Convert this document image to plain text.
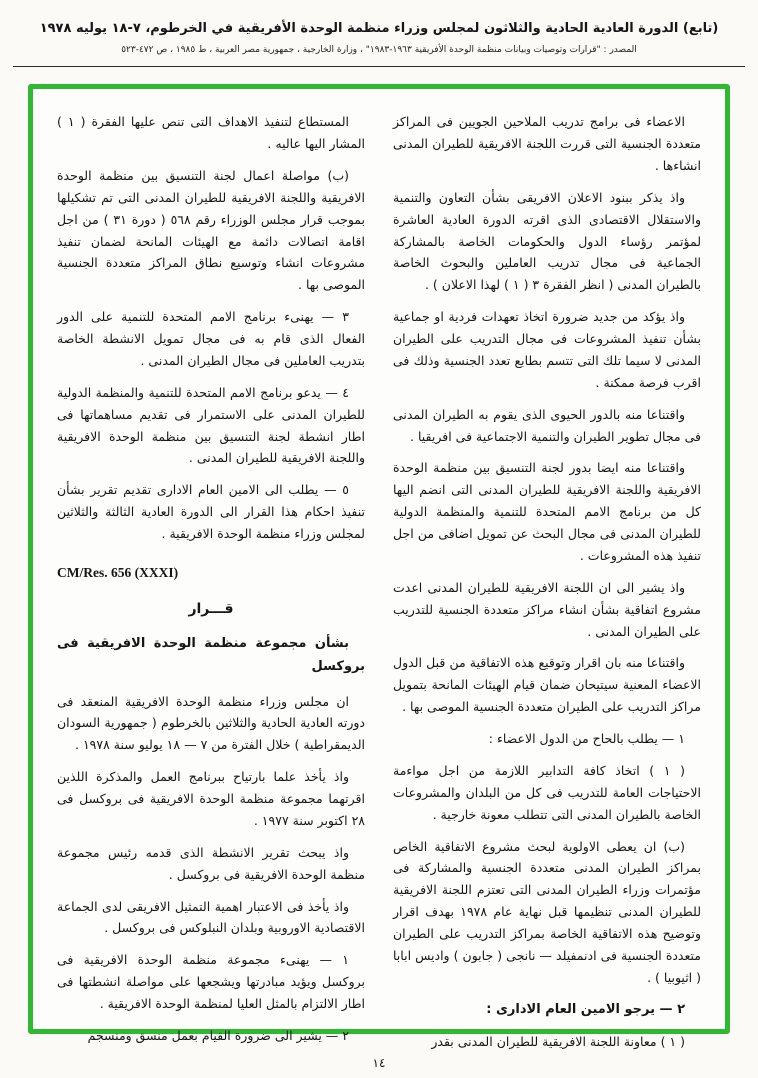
(تابع) الدورة العادية الحادية والثلاثون لمجلس وزراء منظمة الوحدة الأفريقية في الخرطوم، ٧-١٨ يوليه ١٩٧٨
المصدر : "قرارات وتوصيات وبيانات منظمة الوحدة الأفريقية ١٩٦٣-١٩٨٣" ، وزارة الخارجية ، جمهورية مصر العربية ، ط ١٩٨٥ ، ص ٤٧٢-٥٢٣

الاعضاء فى برامج تدريب الملاحين الجويين فى المراكز متعددة الجنسية التى قررت اللجنة الافريقية للطيران المدنى انشاءها .

واذ يذكر ببنود الاعلان الافريقى بشأن التعاون والتنمية والاستقلال الاقتصادى الذى اقرته الدورة العادية العاشرة لمؤتمر رؤساء الدول والحكومات الخاصة بالمشاركة الجماعية فى مجال تدريب العاملين والبحوث الخاصة بالطيران المدنى ( انظر الفقرة ٣ ( ١ ) لهذا الاعلان ) .

واذ يؤكد من جديد ضرورة اتخاذ تعهدات فردية او جماعية بشأن تنفيذ المشروعات فى مجال التدريب على الطيران المدنى لا سيما تلك التى تتسم بطابع تعدد الجنسية وذلك فى اقرب فرصة ممكنة .

واقتناعا منه بالدور الحيوى الذى يقوم به الطيران المدنى فى مجال تطوير الطيران والتنمية الاجتماعية فى افريقيا .

واقتناعا منه ايضا بدور لجنة التنسيق بين منظمة الوحدة الافريقية واللجنة الافريقية للطيران المدنى التى انضم اليها كل من برنامج الامم المتحدة للتنمية والمنظمة الدولية للطيران المدنى فى مجال البحث عن تمويل اضافى من اجل تنفيذ هذه المشروعات .

واذ يشير الى ان اللجنة الافريقية للطيران المدنى اعدت مشروع اتفاقية بشأن انشاء مراكز متعددة الجنسية للتدريب على الطيران المدنى .

واقتناعا منه بان اقرار وتوقيع هذه الاتفاقية من قبل الدول الاعضاء المعنية سيتيحان ضمان قيام الهيئات المانحة بتمويل مراكز التدريب على الطيران متعددة الجنسية الموصى بها .

١ — يطلب بالحاح من الدول الاعضاء :

( ١ ) اتخاذ كافة التدابير اللازمة من اجل مواءمة الاحتياجات العامة للتدريب فى كل من البلدان والمشروعات الخاصة بالطيران المدنى التى تتطلب معونة خارجية .

(ب) ان يعطى الاولوية لبحث مشروع الاتفاقية الخاص بمراكز الطيران المدنى متعددة الجنسية والمشاركة فى مؤتمرات وزراء الطيران المدنى التى تعتزم اللجنة الافريقية للطيران المدنى تنظيمها قبل نهاية عام ١٩٧٨ بهدف اقرار وتوضيح هذه الاتفاقية الخاصة بمراكز التدريب على الطيران متعددة الجنسية فى ادنمفيلد — نانجى ( جابون ) واديس ابابا ( اثيوبيا ) .

٢ — يرجو الامين العام الادارى :

( ١ ) معاونة اللجنة الافريقية للطيران المدنى بقدر

المستطاع لتنفيذ الاهداف التى تنص عليها الفقرة ( ١ ) المشار اليها عاليه .

(ب) مواصلة اعمال لجنة التنسيق بين منظمة الوحدة الافريقية واللجنة الافريقية للطيران المدنى التى تم تشكيلها بموجب قرار مجلس الوزراء رقم ٥٦٨ ( دورة ٣١ ) من اجل اقامة اتصالات دائمة مع الهيئات المانحة لضمان تنفيذ مشروعات انشاء وتوسيع نطاق المراكز متعددة الجنسية الموصى بها .

٣ — يهنىء برنامج الامم المتحدة للتنمية على الدور الفعال الذى قام به فى مجال تمويل الانشطة الخاصة بتدريب العاملين فى مجال الطيران المدنى .

٤ — يدعو برنامج الامم المتحدة للتنمية والمنظمة الدولية للطيران المدنى على الاستمرار فى تقديم مساهماتها فى اطار انشطة لجنة التنسيق بين منظمة الوحدة الافريقية واللجنة الافريقية للطيران المدنى .

٥ — يطلب الى الامين العام الادارى تقديم تقرير بشأن تنفيذ احكام هذا القرار الى الدورة العادية الثالثة والثلاثين لمجلس وزراء منظمة الوحدة الافريقية .

CM/Res. 656 (XXXI)

قـــرار

بشأن مجموعة منظمة الوحدة الافريقية فى بروكسل

ان مجلس وزراء منظمة الوحدة الافريقية المنعقد فى دورته العادية الحادية والثلاثين بالخرطوم ( جمهورية السودان الديمقراطية ) خلال الفترة من ٧ — ١٨ يوليو سنة ١٩٧٨ .

واذ يأخذ علما بارتياح ببرنامج العمل والمذكرة اللذين اقرتهما مجموعة منظمة الوحدة الافريقية فى بروكسل فى ٢٨ اكتوبر سنة ١٩٧٧ .

واذ يبحث تقرير الانشطة الذى قدمه رئيس مجموعة منظمة الوحدة الافريقية فى بروكسل .

واذ يأخذ فى الاعتبار اهمية التمثيل الافريقى لدى الجماعة الاقتصادية الاوروبية وبلدان النبلوكس فى بروكسل .

١ — يهنىء مجموعة منظمة الوحدة الافريقية فى بروكسل ويؤيد مبادرتها ويشجعها على مواصلة انشطتها فى اطار الالتزام بالمثل العليا لمنظمة الوحدة الافريقية .

٢ — يشير الى ضرورة القيام بعمل منسق ومنسجم

١٤
